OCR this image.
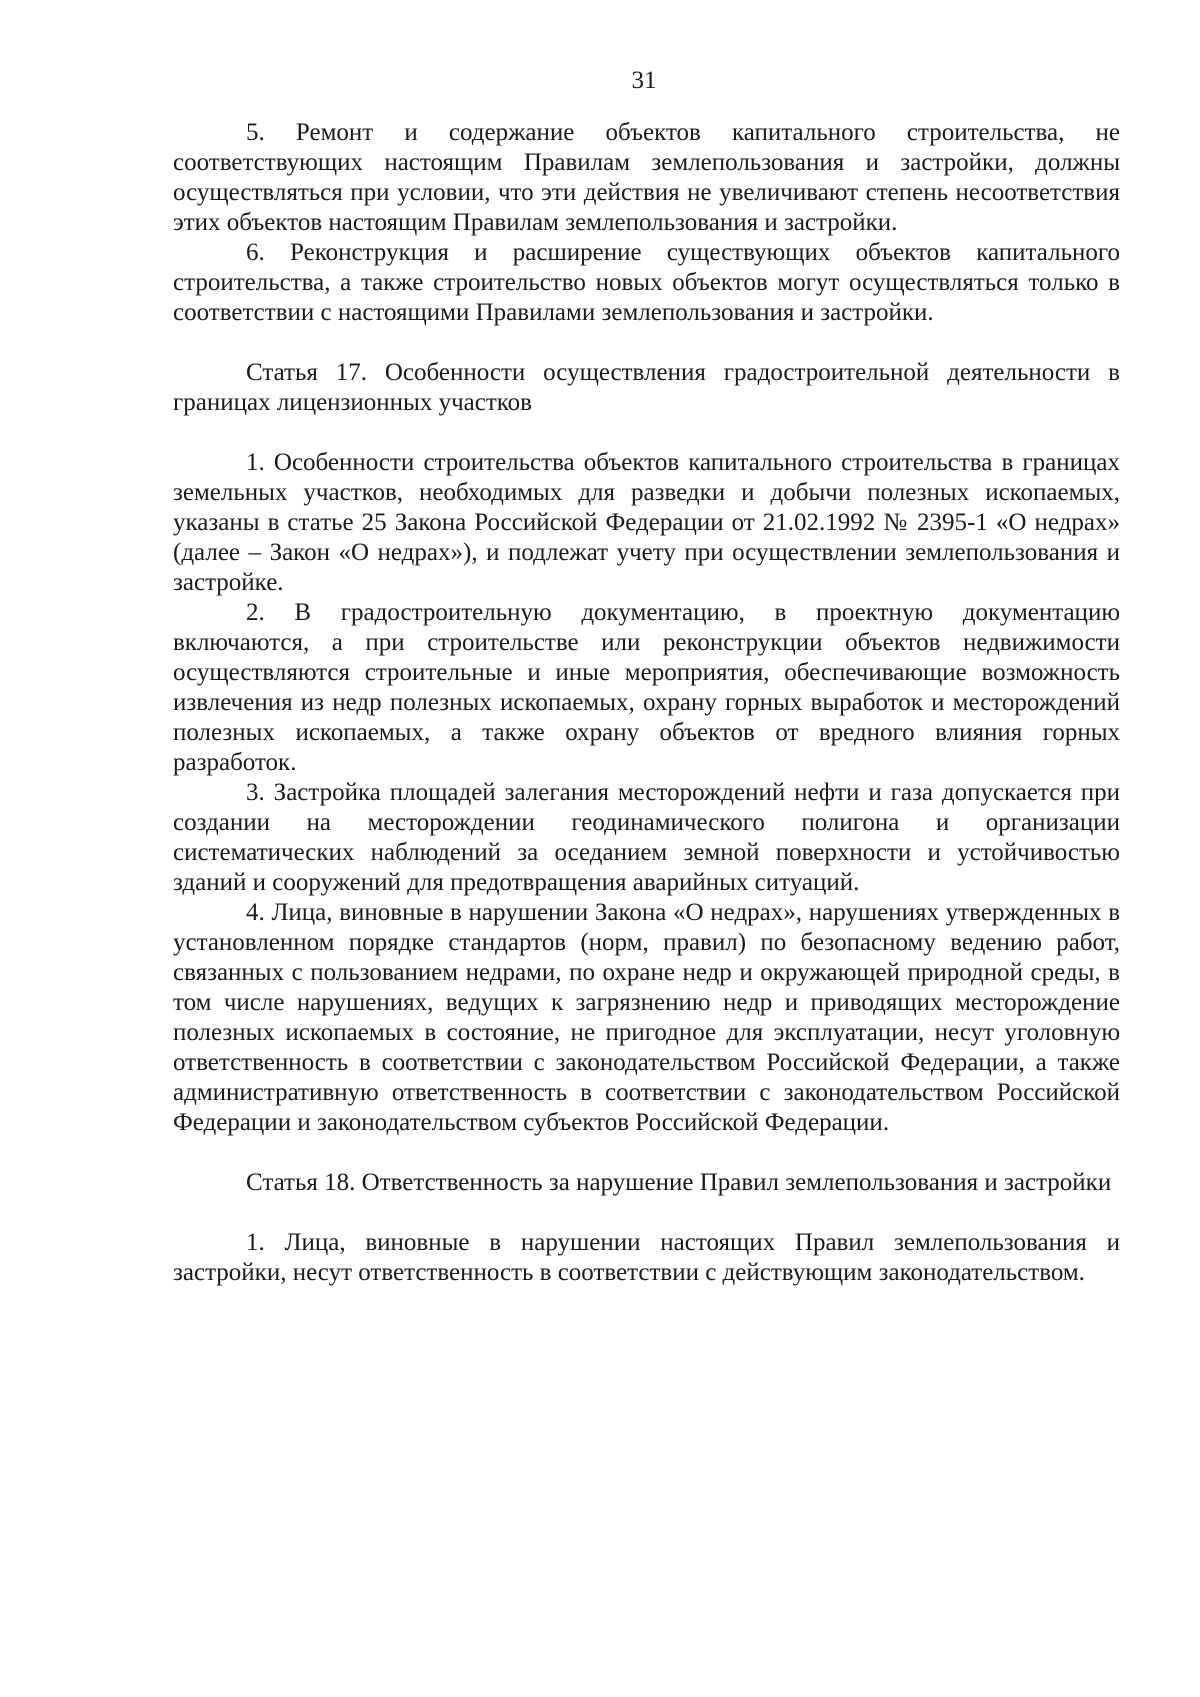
31

5. Ремонт и содержание объектов капитального строительства, не соответствующих настоящим Правилам землепользования и застройки, должны осуществляться при условии, что эти действия не увеличивают степень несоответствия этих объектов настоящим Правилам землепользования и застройки.

6. Реконструкция и расширение существующих объектов капитального строительства, а также строительство новых объектов могут осуществляться только в соответствии с настоящими Правилами землепользования и застройки.

Статья 17. Особенности осуществления градостроительной деятельности в границах лицензионных участков

1. Особенности строительства объектов капитального строительства в границах земельных участков, необходимых для разведки и добычи полезных ископаемых, указаны в статье 25 Закона Российской Федерации от 21.02.1992 № 2395-1 «О недрах» (далее – Закон «О недрах»), и подлежат учету при осуществлении землепользования и застройке.

2. В градостроительную документацию, в проектную документацию включаются, а при строительстве или реконструкции объектов недвижимости осуществляются строительные и иные мероприятия, обеспечивающие возможность извлечения из недр полезных ископаемых, охрану горных выработок и месторождений полезных ископаемых, а также охрану объектов от вредного влияния горных разработок.

3. Застройка площадей залегания месторождений нефти и газа допускается при создании на месторождении геодинамического полигона и организации систематических наблюдений за оседанием земной поверхности и устойчивостью зданий и сооружений для предотвращения аварийных ситуаций.

4. Лица, виновные в нарушении Закона «О недрах», нарушениях утвержденных в установленном порядке стандартов (норм, правил) по безопасному ведению работ, связанных с пользованием недрами, по охране недр и окружающей природной среды, в том числе нарушениях, ведущих к загрязнению недр и приводящих месторождение полезных ископаемых в состояние, не пригодное для эксплуатации, несут уголовную ответственность в соответствии с законодательством Российской Федерации, а также административную ответственность в соответствии с законодательством Российской Федерации и законодательством субъектов Российской Федерации.

Статья 18. Ответственность за нарушение Правил землепользования и застройки

1. Лица, виновные в нарушении настоящих Правил землепользования и застройки, несут ответственность в соответствии с действующим законодательством.
